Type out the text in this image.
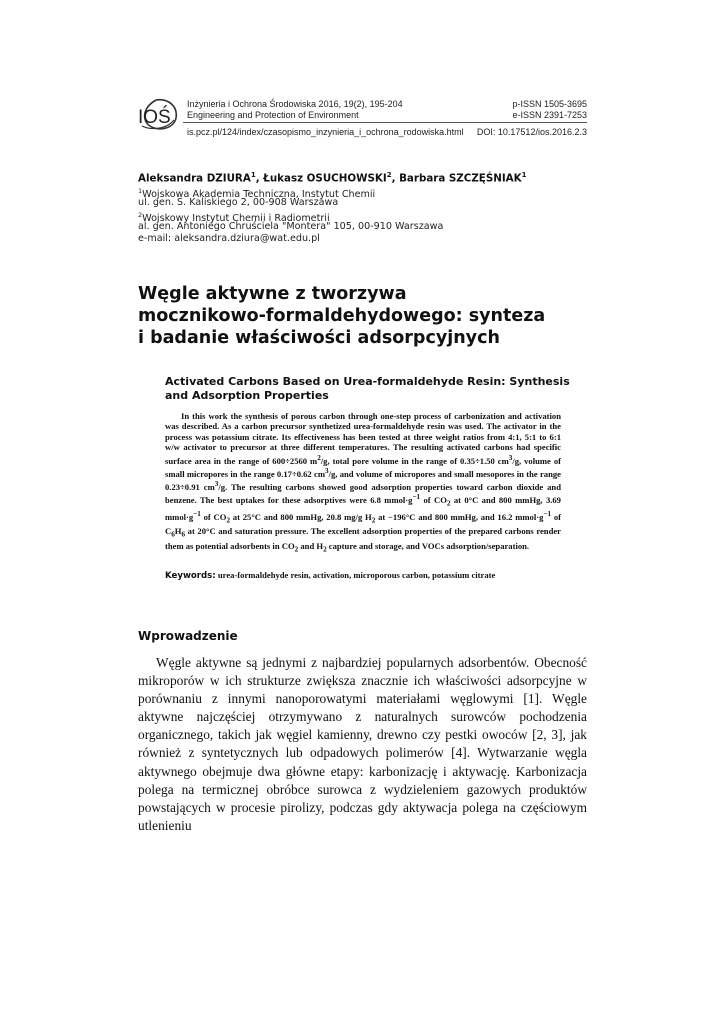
IOŚ
Inżynieria i Ochrona Środowiska 2016, 19(2), 195-204
Engineering and Protection of Environment
is.pcz.pl/124/index/czasopismo_inzynieria_i_ochrona_rodowiska.html
p-ISSN 1505-3695
e-ISSN 2391-7253
DOI: 10.17512/ios.2016.2.3
Aleksandra DZIURA$^1$, Łukasz OSUCHOWSKI$^2$, Barbara SZCZĘŚNIAK$^1$
$^1$Wojskowa Akademia Techniczna, Instytut Chemii
ul. gen. S. Kaliskiego 2, 00-908 Warszawa
$^2$Wojskowy Instytut Chemii i Radiometrii
al. gen. Antoniego Chruściela "Montera" 105, 00-910 Warszawa
e-mail: aleksandra.dziura@wat.edu.pl
Węgle aktywne z tworzywa
mocznikowo-formaldehydowego: synteza
i badanie właściwości adsorpcyjnych
Activated Carbons Based on Urea-formaldehyde Resin: Synthesis
and Adsorption Properties
In this work the synthesis of porous carbon through one-step process of carbonization and activation was described. As a carbon precursor synthetized urea-formaldehyde resin was used. The activator in the process was potassium citrate. Its effectiveness has been tested at three weight ratios from 4:1, 5:1 to 6:1 w/w activator to precursor at three different temperatures. The resulting activated carbons had specific surface area in the range of 600÷2560 $m^2/g$, total pore volume in the range of 0.35÷1.50 $cm^3/g$, volume of small micropores in the range 0.17÷0.62 $cm^3/g$, and volume of micropores and small mesopores in the range 0.23÷0.91 $cm^3/g$. The resulting carbons showed good adsorption properties toward carbon dioxide and benzene. The best uptakes for these adsorptives were 6.8 $mmol\cdot g^{-1}$ of $CO_2$ at 0°C and 800 mmHg, 3.69 $mmol\cdot g^{-1}$ of $CO_2$ at 25°C and 800 mmHg, 20.8 mg/g $H_2$ at −196°C and 800 mmHg, and 16.2 $mmol\cdot g^{-1}$ of $C_6H_6$ at 20°C and saturation pressure. The excellent adsorption properties of the prepared carbons render them as potential adsorbents in $CO_2$ and $H_2$ capture and storage, and VOCs adsorption/separation.
Keywords: urea-formaldehyde resin, activation, microporous carbon, potassium citrate
Wprowadzenie
Węgle aktywne są jednymi z najbardziej popularnych adsorbentów. Obecność mikroporów w ich strukturze zwiększa znacznie ich właściwości adsorpcyjne w porównaniu z innymi nanoporowatymi materiałami węglowymi [1]. Węgle aktywne najczęściej otrzymywano z naturalnych surowców pochodzenia organicznego, takich jak węgiel kamienny, drewno czy pestki owoców [2, 3], jak również z syntetycznych lub odpadowych polimerów [4]. Wytwarzanie węgla aktywnego obejmuje dwa główne etapy: karbonizację i aktywację. Karbonizacja polega na termicznej obróbce surowca z wydzieleniem gazowych produktów powstających w procesie pirolizy, podczas gdy aktywacja polega na częściowym utlenieniu
